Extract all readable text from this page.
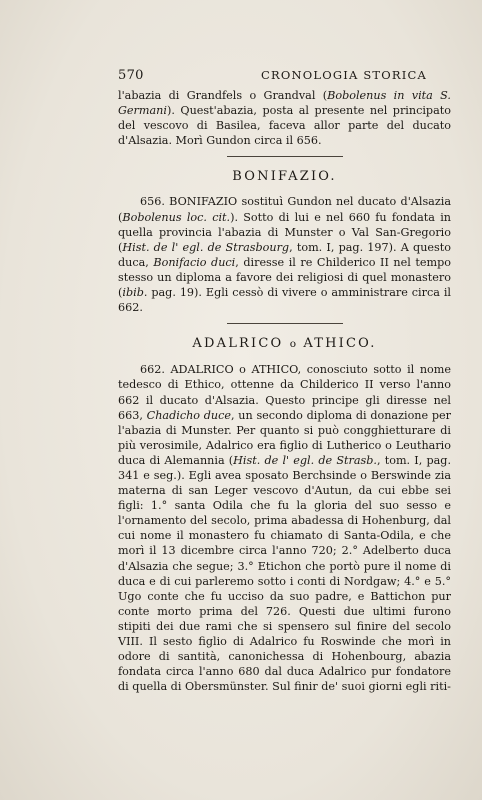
570	CRONOLOGIA STORICA

l'abazia di Grandfels o Grandval (Bobolenus in vita S. Germani). Quest'abazia, posta al presente nel principato del vescovo di Basilea, faceva allor parte del ducato d'Alsazia. Morì Gundon circa il 656.

BONIFAZIO.

656. BONIFAZIO sostituì Gundon nel ducato d'Alsazia (Bobolenus loc. cit.). Sotto di lui e nel 660 fu fondata in quella provincia l'abazia di Munster o Val San-Gregorio (Hist. de l' egl. de Strasbourg, tom. I, pag. 197). A questo duca, Bonifacio duci, diresse il re Childerico II nel tempo stesso un diploma a favore dei religiosi di quel monastero (ibib. pag. 19). Egli cessò di vivere o amministrare circa il 662.

ADALRICO o ATHICO.

662. ADALRICO o ATHICO, conosciuto sotto il nome tedesco di Ethico, ottenne da Childerico II verso l'anno 662 il ducato d'Alsazia. Questo principe gli diresse nel 663, Chadicho duce, un secondo diploma di donazione per l'abazia di Munster. Per quanto si può congghietturare di più verosimile, Adalrico era figlio di Lutherico o Leuthario duca di Alemannia (Hist. de l' egl. de Strasb., tom. I, pag. 341 e seg.). Egli avea sposato Berchsinde o Berswinde zia materna di san Leger vescovo d'Autun, da cui ebbe sei figli: 1.° santa Odila che fu la gloria del suo sesso e l'ornamento del secolo, prima abadessa di Hohenburg, dal cui nome il monastero fu chiamato di Santa-Odila, e che morì il 13 dicembre circa l'anno 720; 2.° Adelberto duca d'Alsazia che segue; 3.° Etichon che portò pure il nome di duca e di cui parleremo sotto i conti di Nordgaw; 4.° e 5.° Ugo conte che fu ucciso da suo padre, e Battichon pur conte morto prima del 726. Questi due ultimi furono stipiti dei due rami che si spensero sul finire del secolo VIII. Il sesto figlio di Adalrico fu Roswinde che morì in odore di santità, canonichessa di Hohenbourg, abazia fondata circa l'anno 680 dal duca Adalrico pur fondatore di quella di Obersmünster. Sul finir de' suoi giorni egli riti-
